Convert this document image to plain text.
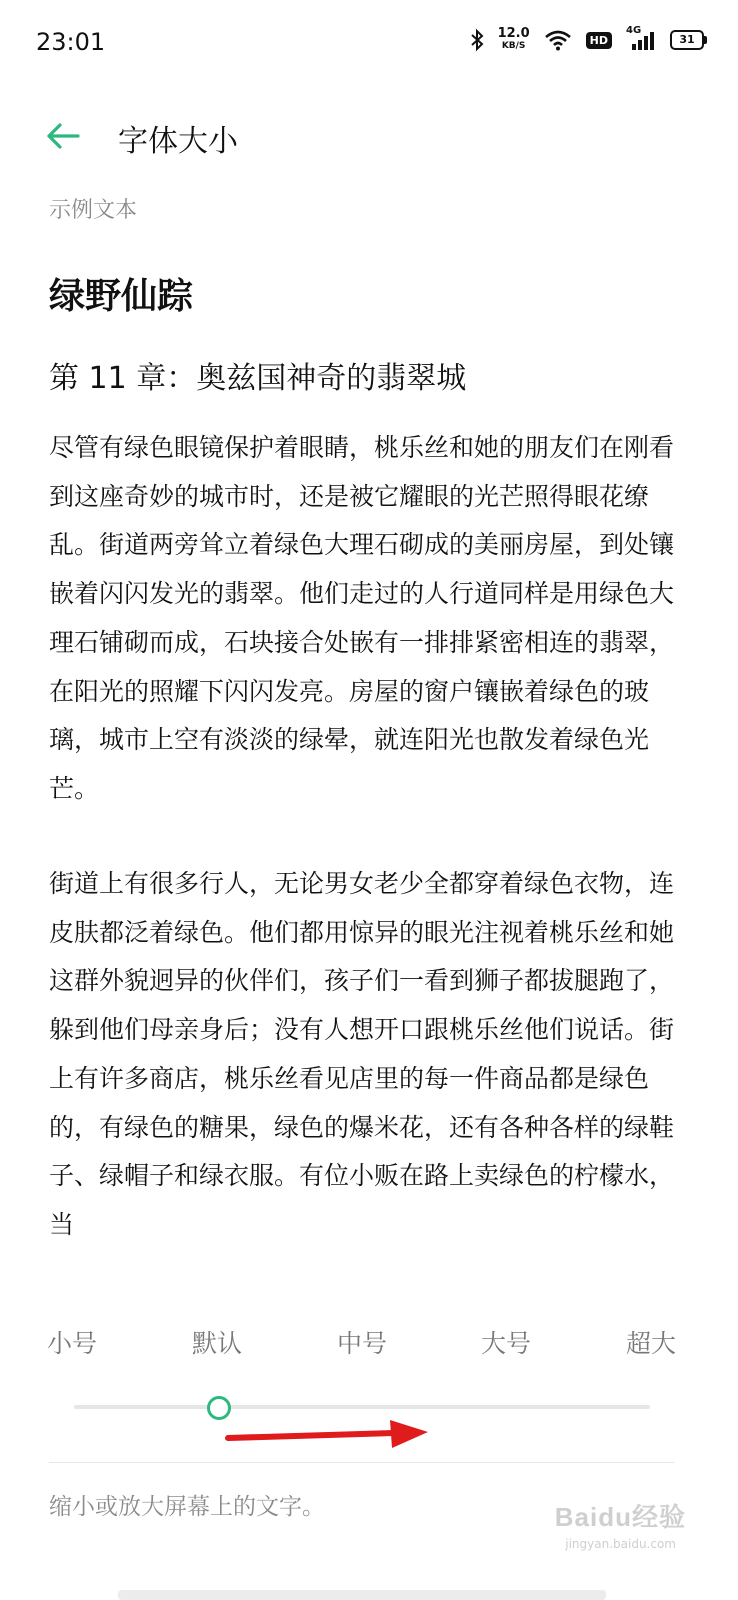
23:01	12.0
KB/S	HD
4G
31
字体大小
示例文本
绿野仙踪
第 11 章：奥兹国神奇的翡翠城
尽管有绿色眼镜保护着眼睛，桃乐丝和她的朋友们在刚看到这座奇妙的城市时，还是被它耀眼的光芒照得眼花缭乱。街道两旁耸立着绿色大理石砌成的美丽房屋，到处镶嵌着闪闪发光的翡翠。他们走过的人行道同样是用绿色大理石铺砌而成，石块接合处嵌有一排排紧密相连的翡翠，在阳光的照耀下闪闪发亮。房屋的窗户镶嵌着绿色的玻璃，城市上空有淡淡的绿晕，就连阳光也散发着绿色光芒。
街道上有很多行人，无论男女老少全都穿着绿色衣物，连皮肤都泛着绿色。他们都用惊异的眼光注视着桃乐丝和她这群外貌迥异的伙伴们，孩子们一看到狮子都拔腿跑了，躲到他们母亲身后；没有人想开口跟桃乐丝他们说话。街上有许多商店，桃乐丝看见店里的每一件商品都是绿色的，有绿色的糖果，绿色的爆米花，还有各种各样的绿鞋子、绿帽子和绿衣服。有位小贩在路上卖绿色的柠檬水，当
小号	默认	中号	大号	超大
缩小或放大屏幕上的文字。	Baidu经验
jingyan.baidu.com
